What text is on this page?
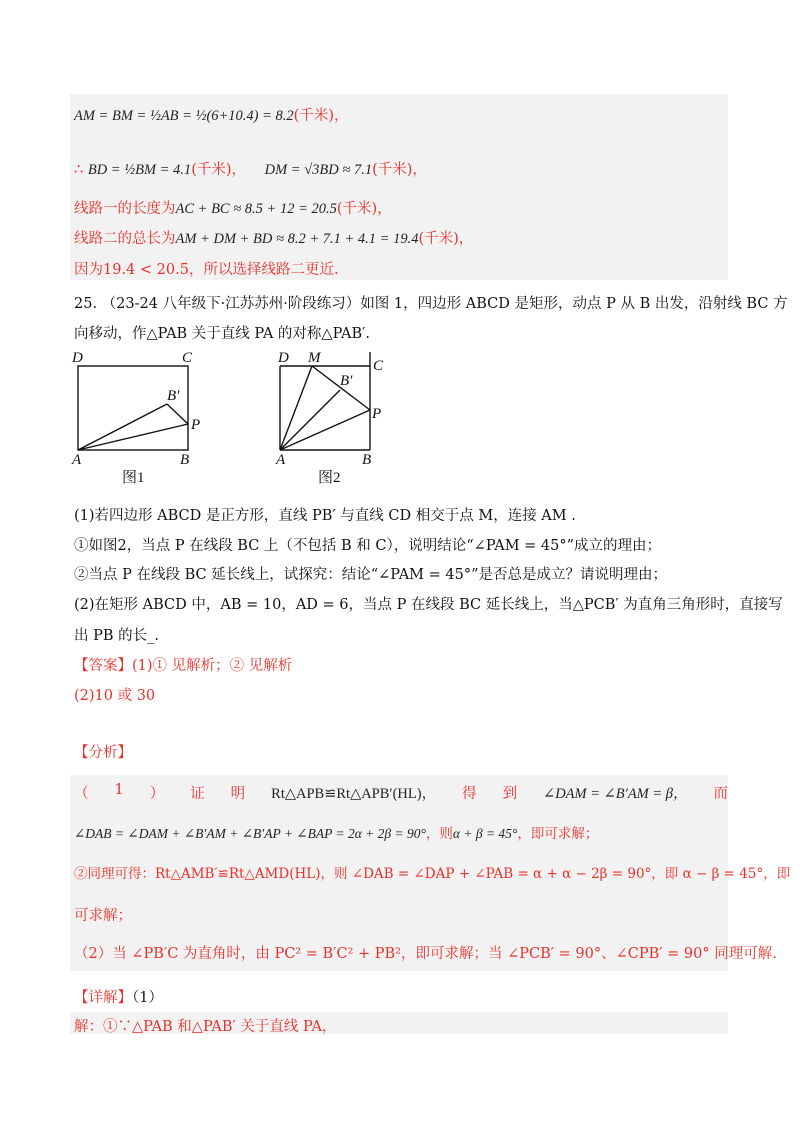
AM = BM = ½AB = ½(6+10.4) = 8.2(千米)，
∴ BD = ½BM = 4.1(千米)， DM = √3BD ≈ 7.1(千米)，
线路一的长度为AC + BC ≈ 8.5 + 12 = 20.5(千米)，
线路二的总长为AM + DM + BD ≈ 8.2 + 7.1 + 4.1 = 19.4(千米)，
因为19.4 < 20.5，所以选择线路二更近.
25. （23-24 八年级下·江苏苏州·阶段练习）如图 1，四边形 ABCD 是矩形，动点 P 从 B 出发，沿射线 BC 方
向移动，作△PAB 关于直线 PA 的对称△PAB′.
D	C
B′
P
A	B
图1
D M	C
B′
P
A	B
图2
(1)若四边形 ABCD 是正方形，直线 PB′ 与直线 CD 相交于点 M，连接 AM .
①如图2，当点 P 在线段 BC 上（不包括 B 和 C），说明结论“∠PAM = 45°”成立的理由；
②当点 P 在线段 BC 延长线上，试探究：结论“∠PAM = 45°”是否总是成立？请说明理由；
(2)在矩形 ABCD 中，AB = 10，AD = 6，当点 P 在线段 BC 延长线上，当△PCB′ 为直角三角形时，直接写
出 PB 的长_.
【答案】(1)① 见解析；② 见解析
(2)10 或 30
【分析】
（ 1 ） 证 明 Rt△APB≌Rt△APB′(HL)， 得 到 ∠DAM = ∠B′AM = β， 而
∠DAB = ∠DAM + ∠B′AM + ∠B′AP + ∠BAP = 2α + 2β = 90°，则α + β = 45°，即可求解；
②同理可得：Rt△AMB′≌Rt△AMD(HL)，则 ∠DAB = ∠DAP + ∠PAB = α + α − 2β = 90°，即 α − β = 45°， 即
可求解；
（2）当 ∠PB′C 为直角时，由 PC² = B′C² + PB²，即可求解；当 ∠PCB′ = 90°、∠CPB′ = 90° 同理可解.
【详解】（1）
解：①∵△PAB 和△PAB′ 关于直线 PA，
